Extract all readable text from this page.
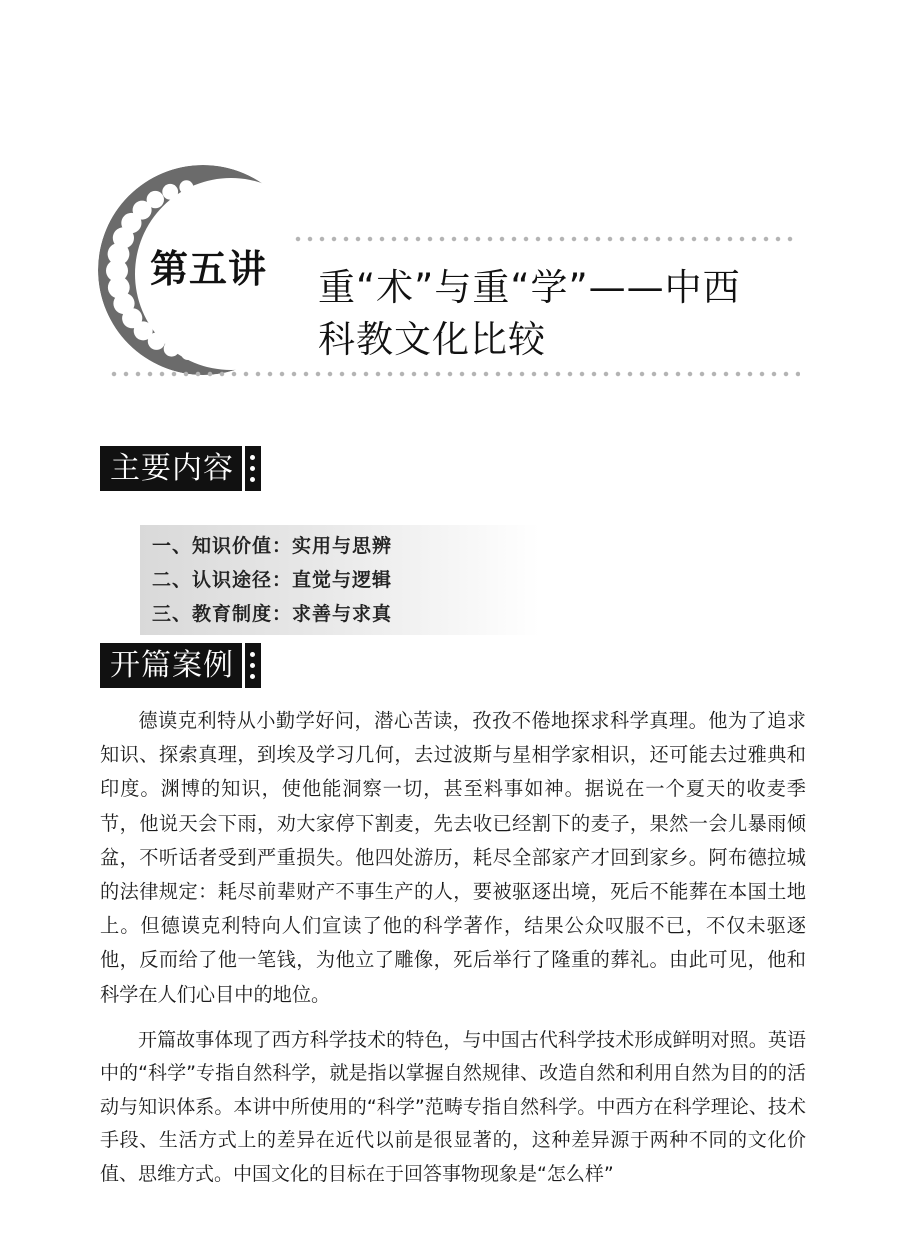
第五讲 重“术”与重“学”——中西
科教文化比较
主要内容
一、知识价值：实用与思辨
二、认识途径：直觉与逻辑
三、教育制度：求善与求真
开篇案例

德谟克利特从小勤学好问，潜心苦读，孜孜不倦地探求科学真理。他为了追求知识、探索真理，到埃及学习几何，去过波斯与星相学家相识，还可能去过雅典和印度。渊博的知识，使他能洞察一切，甚至料事如神。据说在一个夏天的收麦季节，他说天会下雨，劝大家停下割麦，先去收已经割下的麦子，果然一会儿暴雨倾盆，不听话者受到严重损失。他四处游历，耗尽全部家产才回到家乡。阿布德拉城的法律规定：耗尽前辈财产不事生产的人，要被驱逐出境，死后不能葬在本国土地上。但德谟克利特向人们宣读了他的科学著作，结果公众叹服不已，不仅未驱逐他，反而给了他一笔钱，为他立了雕像，死后举行了隆重的葬礼。由此可见，他和科学在人们心目中的地位。

开篇故事体现了西方科学技术的特色，与中国古代科学技术形成鲜明对照。英语中的“科学”专指自然科学，就是指以掌握自然规律、改造自然和利用自然为目的的活动与知识体系。本讲中所使用的“科学”范畴专指自然科学。中西方在科学理论、技术手段、生活方式上的差异在近代以前是很显著的，这种差异源于两种不同的文化价值、思维方式。中国文化的目标在于回答事物现象是“怎么样”
